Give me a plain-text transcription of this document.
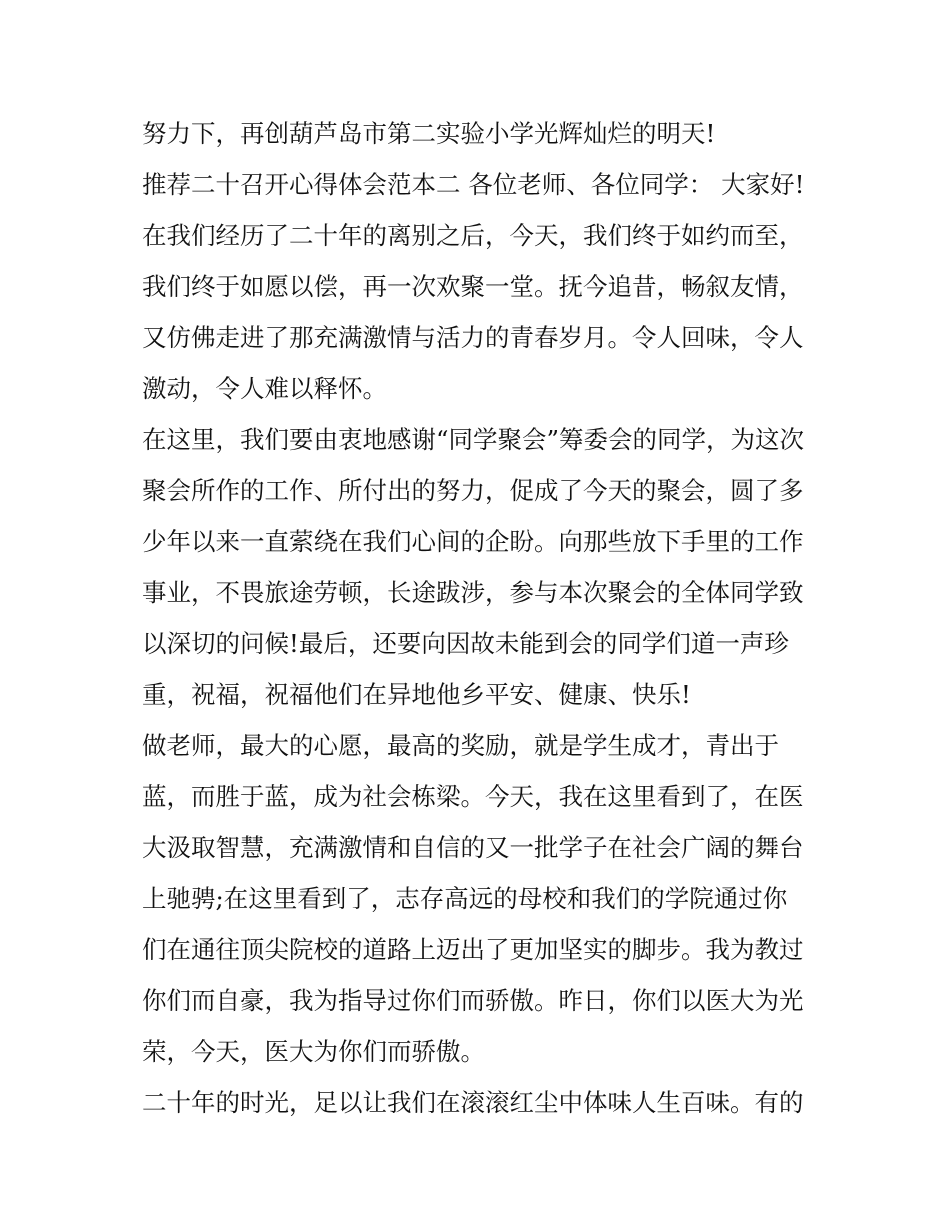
努力下，再创葫芦岛市第二实验小学光辉灿烂的明天!
推荐二十召开心得体会范本二 各位老师、各位同学： 大家好!
在我们经历了二十年的离别之后，今天，我们终于如约而至，
我们终于如愿以偿，再一次欢聚一堂。抚今追昔，畅叙友情，
又仿佛走进了那充满激情与活力的青春岁月。令人回味，令人
激动，令人难以释怀。
在这里，我们要由衷地感谢“同学聚会”筹委会的同学，为这次
聚会所作的工作、所付出的努力，促成了今天的聚会，圆了多
少年以来一直萦绕在我们心间的企盼。向那些放下手里的工作
事业，不畏旅途劳顿，长途跋涉，参与本次聚会的全体同学致
以深切的问候!最后，还要向因故未能到会的同学们道一声珍
重，祝福，祝福他们在异地他乡平安、健康、快乐!
做老师，最大的心愿，最高的奖励，就是学生成才，青出于
蓝，而胜于蓝，成为社会栋梁。今天，我在这里看到了，在医
大汲取智慧，充满激情和自信的又一批学子在社会广阔的舞台
上驰骋;在这里看到了，志存高远的母校和我们的学院通过你
们在通往顶尖院校的道路上迈出了更加坚实的脚步。我为教过
你们而自豪，我为指导过你们而骄傲。昨日，你们以医大为光
荣，今天，医大为你们而骄傲。
二十年的时光，足以让我们在滚滚红尘中体味人生百味。有的
